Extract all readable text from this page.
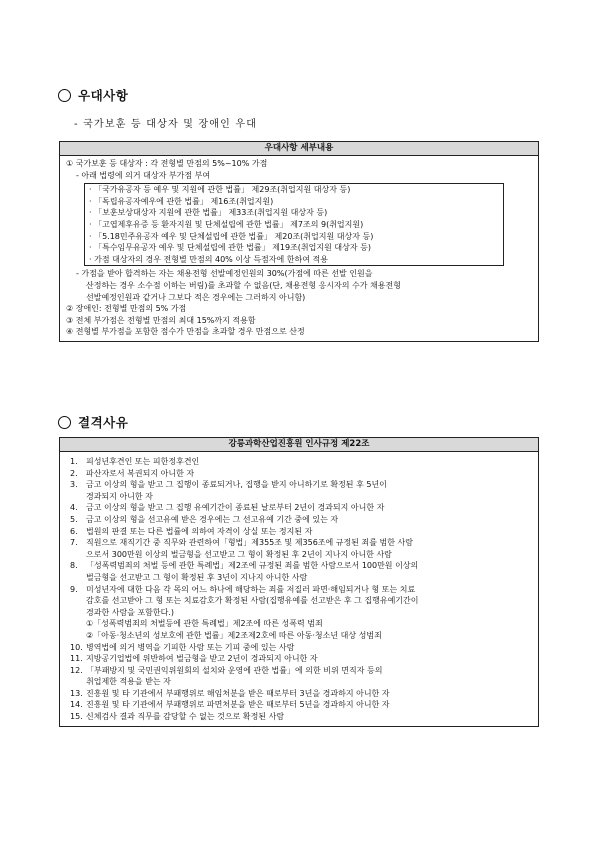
우대사항
- 국가보훈 등 대상자 및 장애인 우대
우대사항 세부내용
① 국가보훈 등 대상자 : 각 전형별 만점의 5%~10% 가점
- 아래 법령에 의거 대상자 부가점 부여
· 「국가유공자 등 예우 및 지원에 관한 법률」 제29조(취업지원 대상자 등)
· 「독립유공자예우에 관한 법률」 제16조(취업지원)
· 「보훈보상대상자 지원에 관한 법률」 제33조(취업지원 대상자 등)
· 「고엽제후유증 등 환자지원 및 단체설립에 관한 법률」 제7조의 9(취업지원)
· 「5.18민주유공자 예우 및 단체설립에 관한 법률」 제20조(취업지원 대상자 등)
· 「특수임무유공자 예우 및 단체설립에 관한 법률」 제19조(취업지원 대상자 등)
· 가점 대상자의 경우 전형별 만점의 40% 이상 득점자에 한하여 적용
- 가점을 받아 합격하는 자는 채용전형 선발예정인원의 30%(가점에 따른 선발 인원을
산정하는 경우 소수점 이하는 버림)를 초과할 수 없음(단, 채용전형 응시자의 수가 채용전형
선발예정인원과 같거나 그보다 적은 경우에는 그러하지 아니함)
② 장애인: 전형별 만점의 5% 가점
③ 전체 부가점은 전형별 만점의 최대 15%까지 적용함
④ 전형별 부가점을 포함한 점수가 만점을 초과할 경우 만점으로 산정
결격사유
강릉과학산업진흥원 인사규정 제22조
1.	피성년후견인 또는 피한정후견인
2.	파산자로서 복권되지 아니한 자
3.	금고 이상의 형을 받고 그 집행이 종료되거나, 집행을 받지 아니하기로 확정된 후 5년이
경과되지 아니한 자
4.	금고 이상의 형을 받고 그 집행 유예기간이 종료된 날로부터 2년이 경과되지 아니한 자
5.	금고 이상의 형을 선고유예 받은 경우에는 그 선고유예 기간 중에 있는 자
6.	법원의 판결 또는 다른 법률에 의하여 자격이 상실 또는 정지된 자
7.	직원으로 재직기간 중 직무와 관련하여「형법」제355조 및 제356조에 규정된 죄를 범한 사람
으로서 300만원 이상의 벌금형을 선고받고 그 형이 확정된 후 2년이 지나지 아니한 사람
8.	「성폭력범죄의 처벌 등에 관한 특례법」제2조에 규정된 죄를 범한 사람으로서 100만원 이상의
벌금형을 선고받고 그 형이 확정된 후 3년이 지나지 아니한 사람
9.	미성년자에 대한 다음 각 목의 어느 하나에 해당하는 죄를 저질러 파면·해임되거나 형 또는 치료
감호를 선고받아 그 형 또는 치료감호가 확정된 사람(집행유예를 선고받은 후 그 집행유예기간이
경과한 사람을 포함한다.)
①「성폭력범죄의 처벌등에 관한 특례법」제2조에 따른 성폭력 범죄
②「아동·청소년의 성보호에 관한 법률」제2조제2호에 따른 아동·청소년 대상 성범죄
10. 병역법에 의거 병역을 기피한 사람 또는 기피 중에 있는 사람
11. 지방공기업법에 위반하여 벌금형을 받고 2년이 경과되지 아니한 자
12. 「부패방지 및 국민권익위원회의 설치와 운영에 관한 법률」에 의한 비위 면직자 등의
취업제한 적용을 받는 자
13. 진흥원 및 타 기관에서 부패행위로 해임처분을 받은 때로부터 3년을 경과하지 아니한 자
14. 진흥원 및 타 기관에서 부패행위로 파면처분을 받은 때로부터 5년을 경과하지 아니한 자
15. 신체검사 결과 직무를 감당할 수 없는 것으로 확정된 사람
